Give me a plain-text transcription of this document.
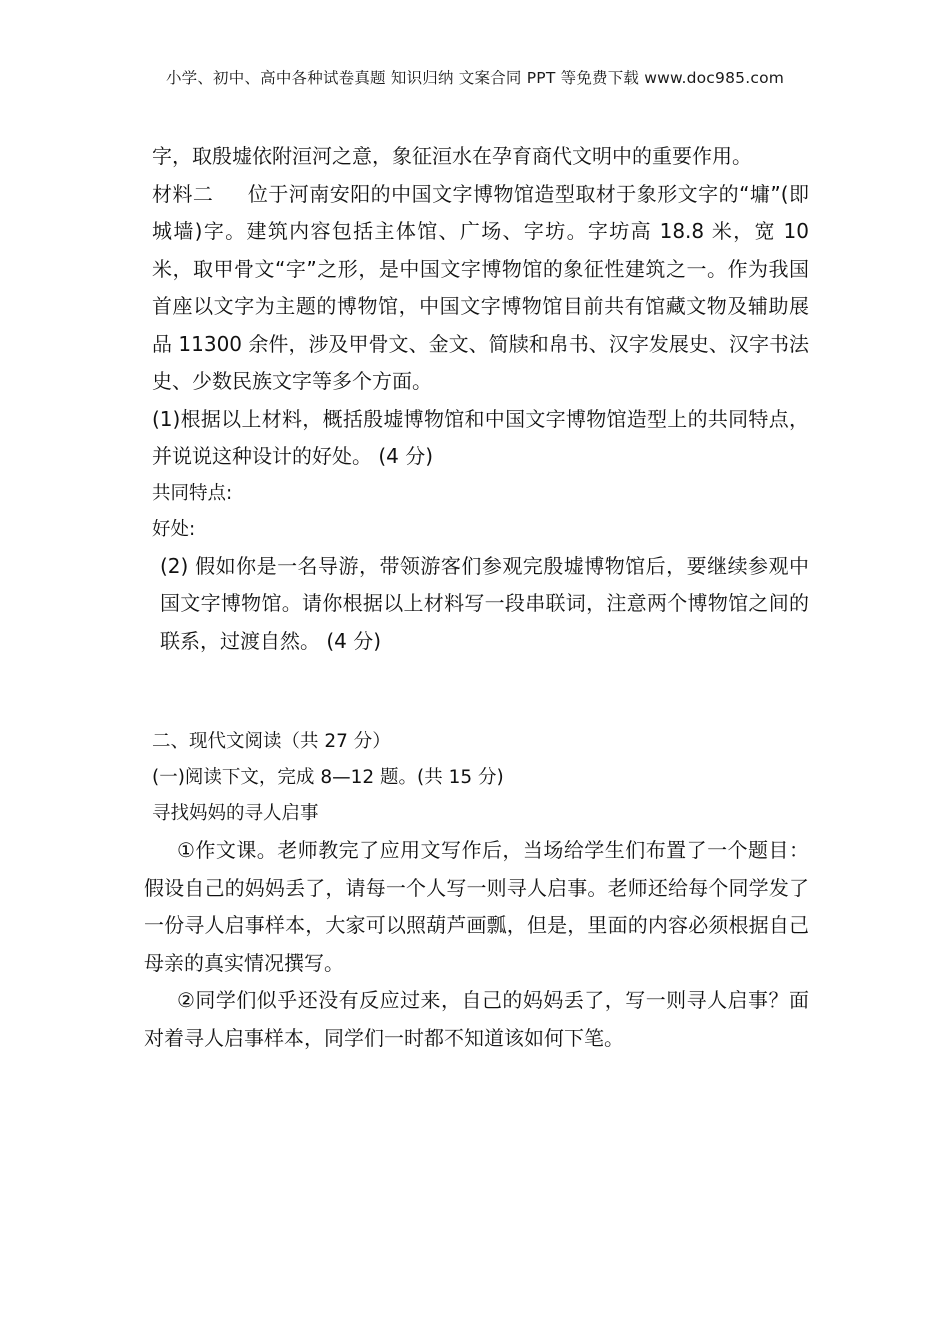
小学、初中、高中各种试卷真题 知识归纳 文案合同 PPT 等免费下载 www.doc985.com
字，取殷墟依附洹河之意，象征洹水在孕育商代文明中的重要作用。
材料二 位于河南安阳的中国文字博物馆造型取材于象形文字的“墉”(即城墙)字。建筑内容包括主体馆、广场、字坊。字坊高 18.8 米，宽 10 米，取甲骨文“字”之形，是中国文字博物馆的象征性建筑之一。作为我国首座以文字为主题的博物馆，中国文字博物馆目前共有馆藏文物及辅助展品 11300 余件，涉及甲骨文、金文、简牍和帛书、汉字发展史、汉字书法史、少数民族文字等多个方面。
(1)根据以上材料，概括殷墟博物馆和中国文字博物馆造型上的共同特点，并说说这种设计的好处。 (4 分)
共同特点:
好处:
(2) 假如你是一名导游，带领游客们参观完殷墟博物馆后，要继续参观中国文字博物馆。请你根据以上材料写一段串联词，注意两个博物馆之间的联系，过渡自然。 (4 分)
二、现代文阅读（共 27 分）
(一)阅读下文，完成 8—12 题。(共 15 分)
寻找妈妈的寻人启事
①作文课。老师教完了应用文写作后，当场给学生们布置了一个题目：假设自己的妈妈丢了，请每一个人写一则寻人启事。老师还给每个同学发了一份寻人启事样本，大家可以照葫芦画瓢，但是，里面的内容必须根据自己母亲的真实情况撰写。
②同学们似乎还没有反应过来，自己的妈妈丢了，写一则寻人启事？面对着寻人启事样本，同学们一时都不知道该如何下笔。
